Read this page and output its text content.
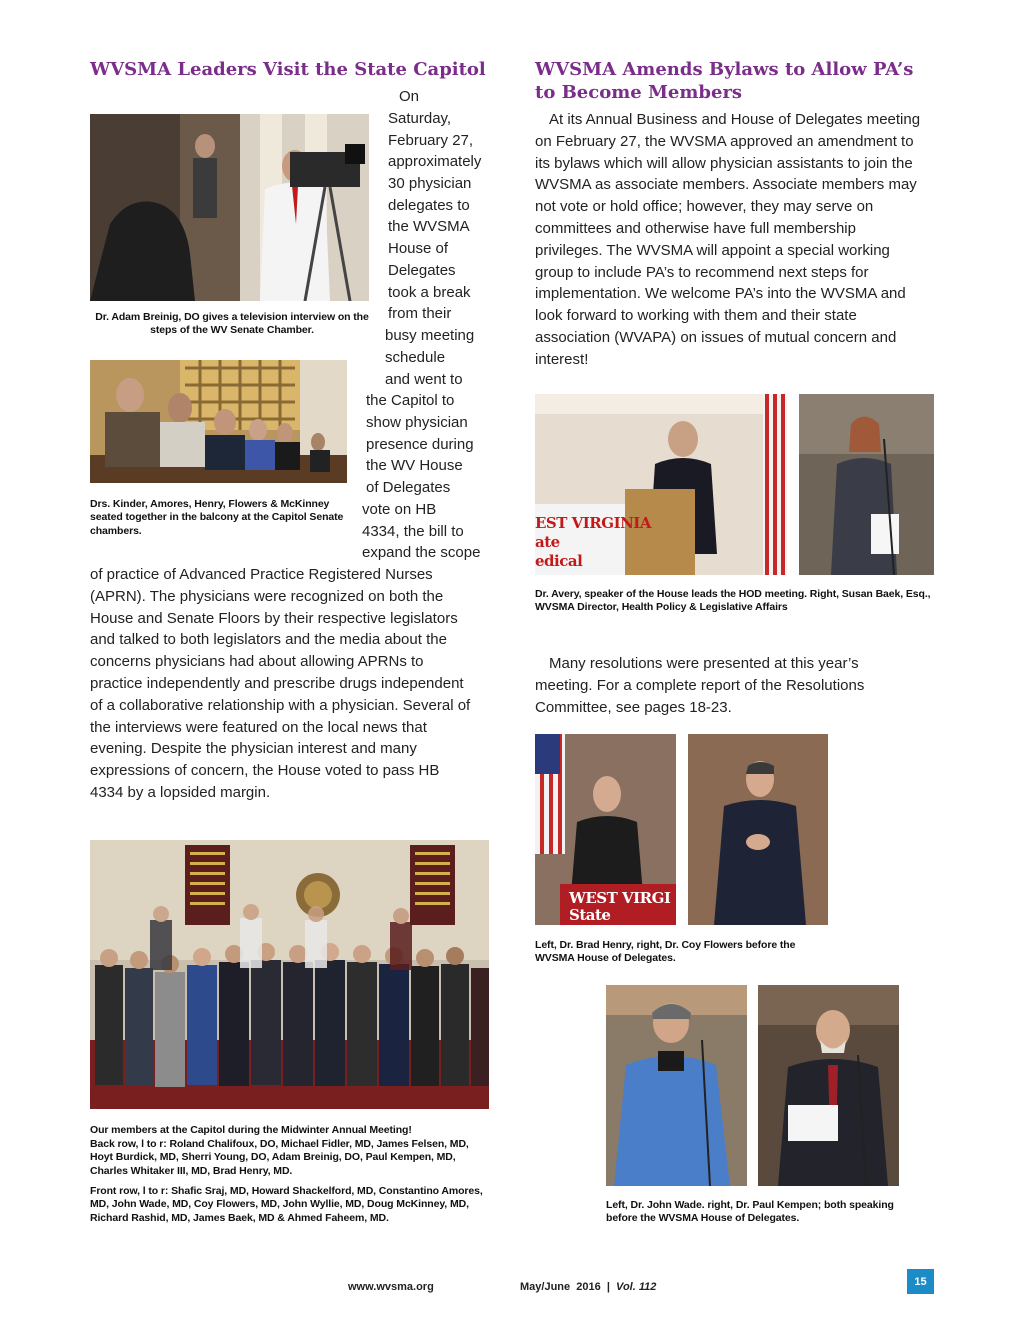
WVSMA Leaders Visit the State Capitol
Dr. Adam Breinig, DO gives a television interview on the steps of the WV Senate Chamber.
Drs. Kinder, Amores, Henry, Flowers & McKinney seated together in the balcony at the Capitol Senate chambers.
On
Saturday,
February 27,
approximately
30 physician
delegates to
the WVSMA
House of
Delegates
took a break
from their
busy meeting
schedule
and went to
the Capitol to
show physician
presence during
the WV House
of Delegates
vote on HB
4334, the bill to
expand the scope

of practice of Advanced Practice Registered Nurses (APRN). The physicians were recognized on both the House and Senate Floors by their respective legislators and talked to both legislators and the media about the concerns physicians had about allowing APRNs to practice independently and prescribe drugs independent of a collaborative relationship with a physician. Several of the interviews were featured on the local news that evening. Despite the physician interest and many expressions of concern, the House voted to pass HB 4334 by a lopsided margin.

Our members at the Capitol during the Midwinter Annual Meeting!
Back row, l to r: Roland Chalifoux, DO, Michael Fidler, MD, James Felsen, MD, Hoyt Burdick, MD, Sherri Young, DO, Adam Breinig, DO, Paul Kempen, MD, Charles Whitaker III, MD, Brad Henry, MD.
Front row, l to r: Shafic Sraj, MD, Howard Shackelford, MD, Constantino Amores, MD, John Wade, MD, Coy Flowers, MD, John Wyllie, MD, Doug McKinney, MD, Richard Rashid, MD, James Baek, MD & Ahmed Faheem, MD.
WVSMA Amends Bylaws to Allow PA’s to Become Members

At its Annual Business and House of Delegates meeting on February 27, the WVSMA approved an amendment to its bylaws which will allow physician assistants to join the WVSMA as associate members. Associate members may not vote or hold office; however, they may serve on committees and otherwise have full membership privileges. The WVSMA will appoint a special working group to include PA’s to recommend next steps for implementation. We welcome PA’s into the WVSMA and look forward to working with them and their state association (WVAPA) on issues of mutual concern and interest!

EST VIRGINIA
ate
edical
Dr. Avery, speaker of the House leads the HOD meeting. Right, Susan Baek, Esq., WVSMA Director, Health Policy & Legislative Affairs

Many resolutions were presented at this year’s meeting. For a complete report of the Resolutions Committee, see pages 18-23.

WEST VIRGI
State
Left, Dr. Brad Henry, right, Dr. Coy Flowers before the WVSMA House of Delegates.
Left, Dr. John Wade. right, Dr. Paul Kempen; both speaking before the WVSMA House of Delegates.
www.wvsma.org	May/June  2016  |  Vol. 112	15
